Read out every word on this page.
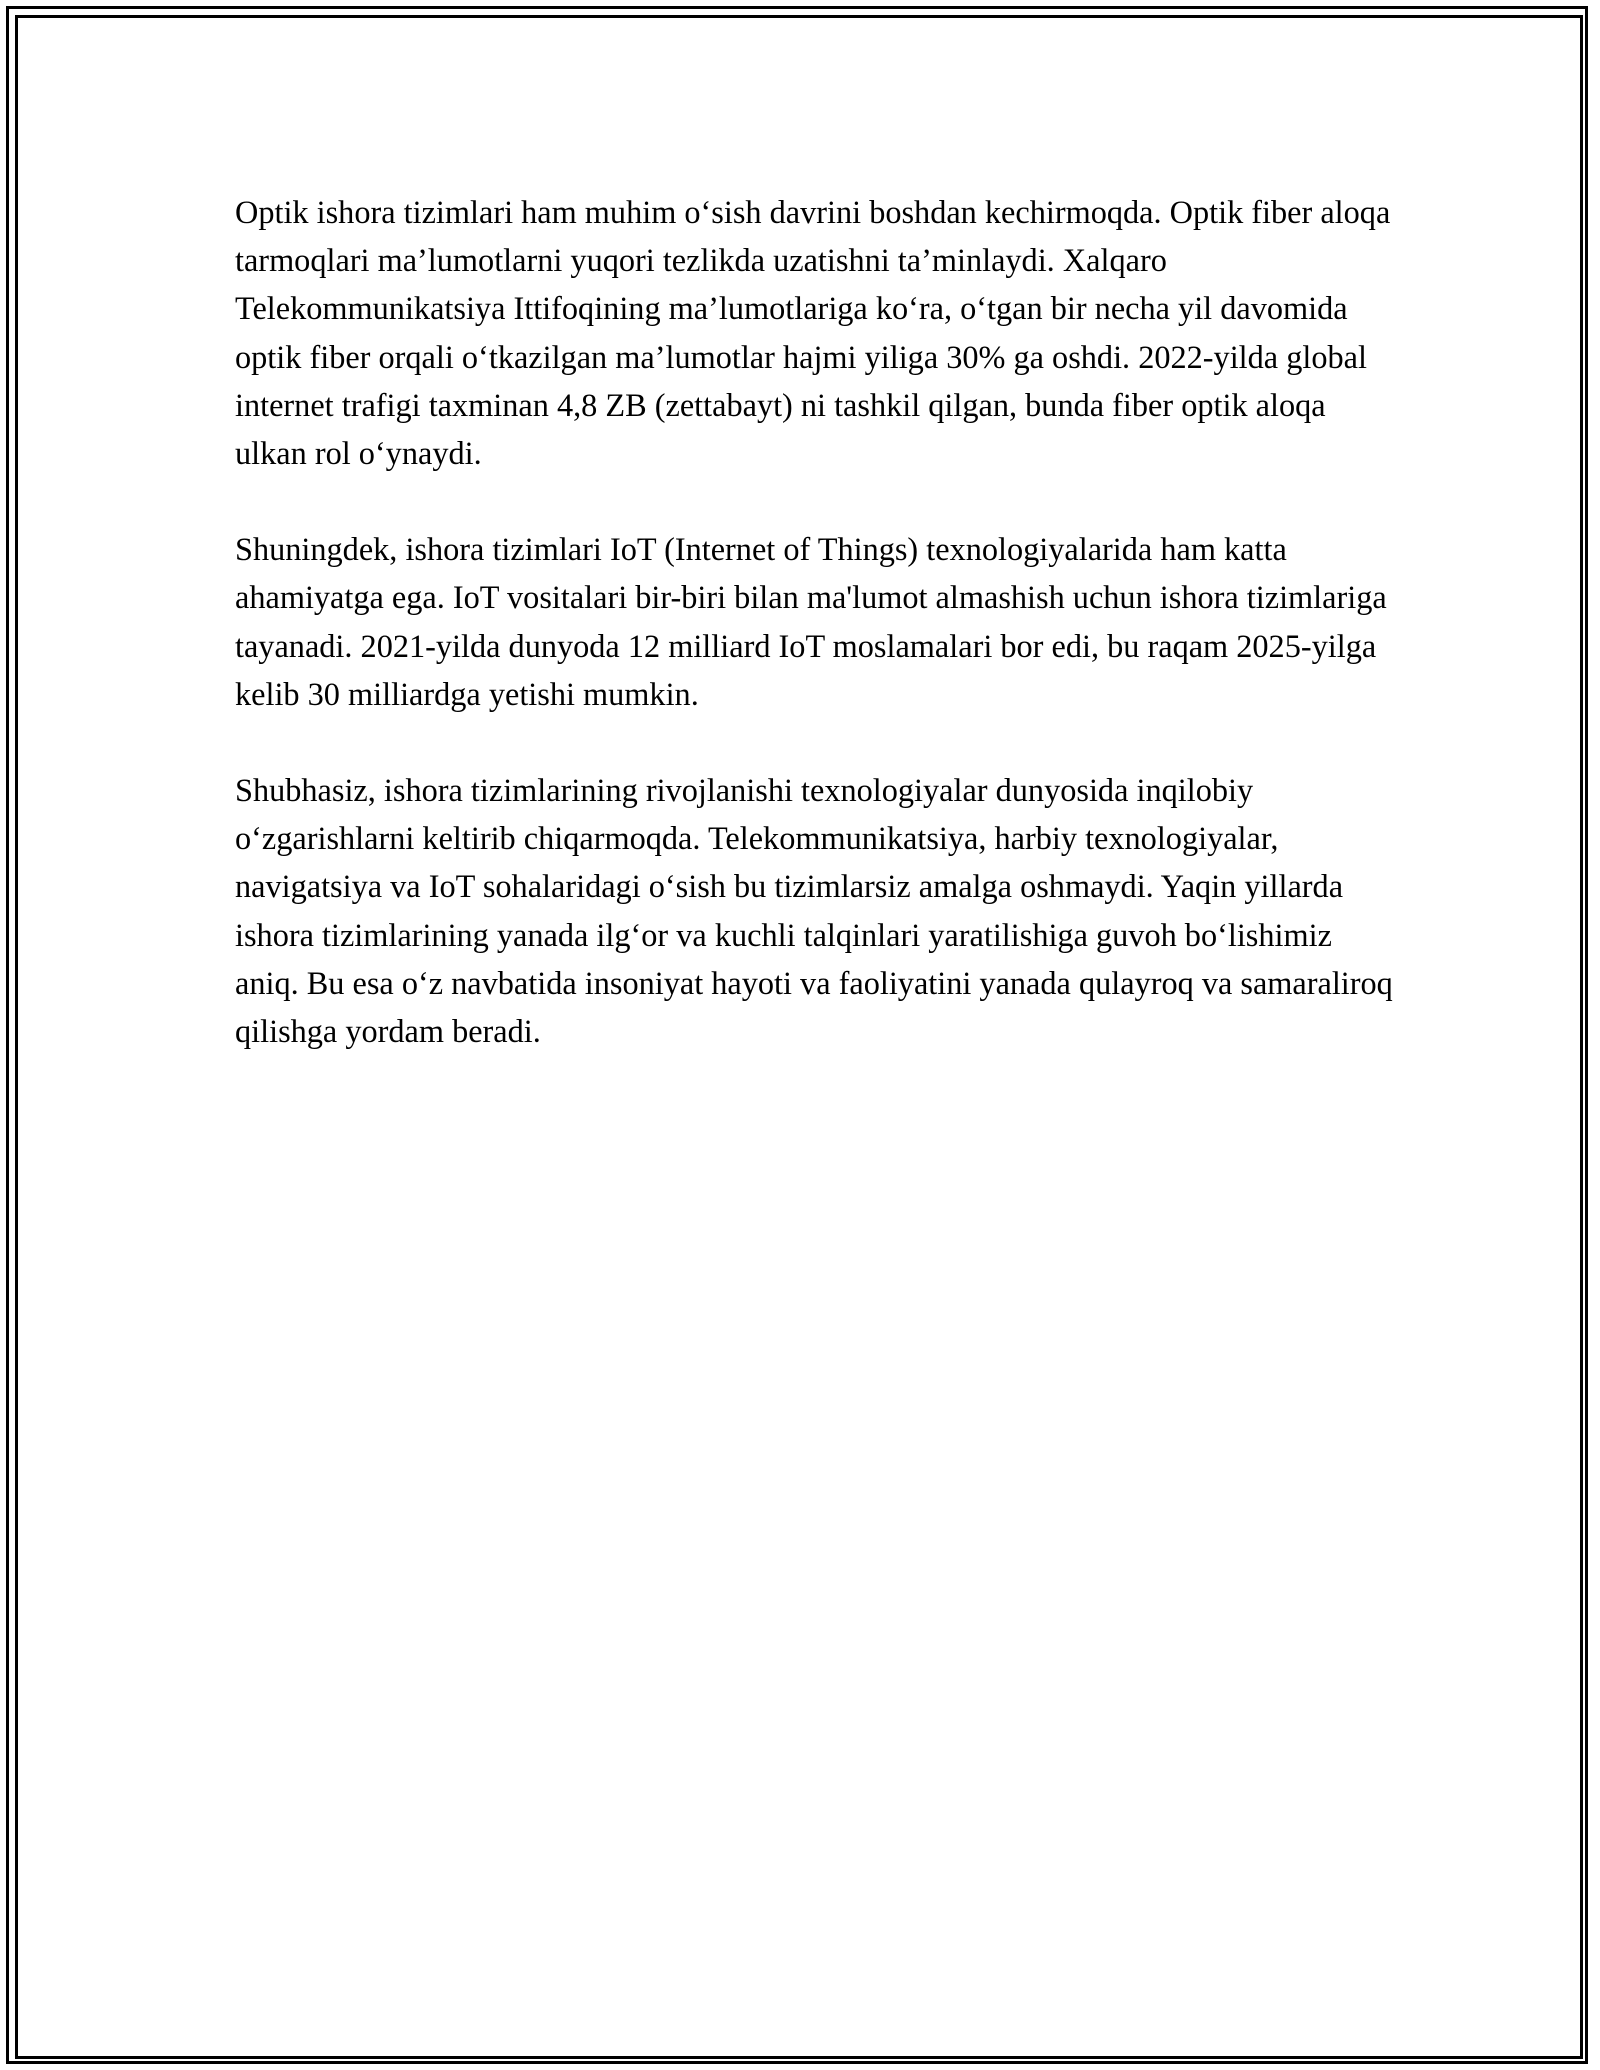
Optik ishora tizimlari ham muhim o‘sish davrini boshdan kechirmoqda. Optik fiber aloqa tarmoqlari ma’lumotlarni yuqori tezlikda uzatishni ta’minlaydi. Xalqaro Telekommunikatsiya Ittifoqining ma’lumotlariga ko‘ra, o‘tgan bir necha yil davomida optik fiber orqali o‘tkazilgan ma’lumotlar hajmi yiliga 30% ga oshdi. 2022-yilda global internet trafigi taxminan 4,8 ZB (zettabayt) ni tashkil qilgan, bunda fiber optik aloqa ulkan rol o‘ynaydi.

Shuningdek, ishora tizimlari IoT (Internet of Things) texnologiyalarida ham katta ahamiyatga ega. IoT vositalari bir-biri bilan ma'lumot almashish uchun ishora tizimlariga tayanadi. 2021-yilda dunyoda 12 milliard IoT moslamalari bor edi, bu raqam 2025-yilga kelib 30 milliardga yetishi mumkin.

Shubhasiz, ishora tizimlarining rivojlanishi texnologiyalar dunyosida inqilobiy o‘zgarishlarni keltirib chiqarmoqda. Telekommunikatsiya, harbiy texnologiyalar, navigatsiya va IoT sohalaridagi o‘sish bu tizimlarsiz amalga oshmaydi. Yaqin yillarda ishora tizimlarining yanada ilg‘or va kuchli talqinlari yaratilishiga guvoh bo‘lishimiz aniq. Bu esa o‘z navbatida insoniyat hayoti va faoliyatini yanada qulayroq va samaraliroq qilishga yordam beradi.
